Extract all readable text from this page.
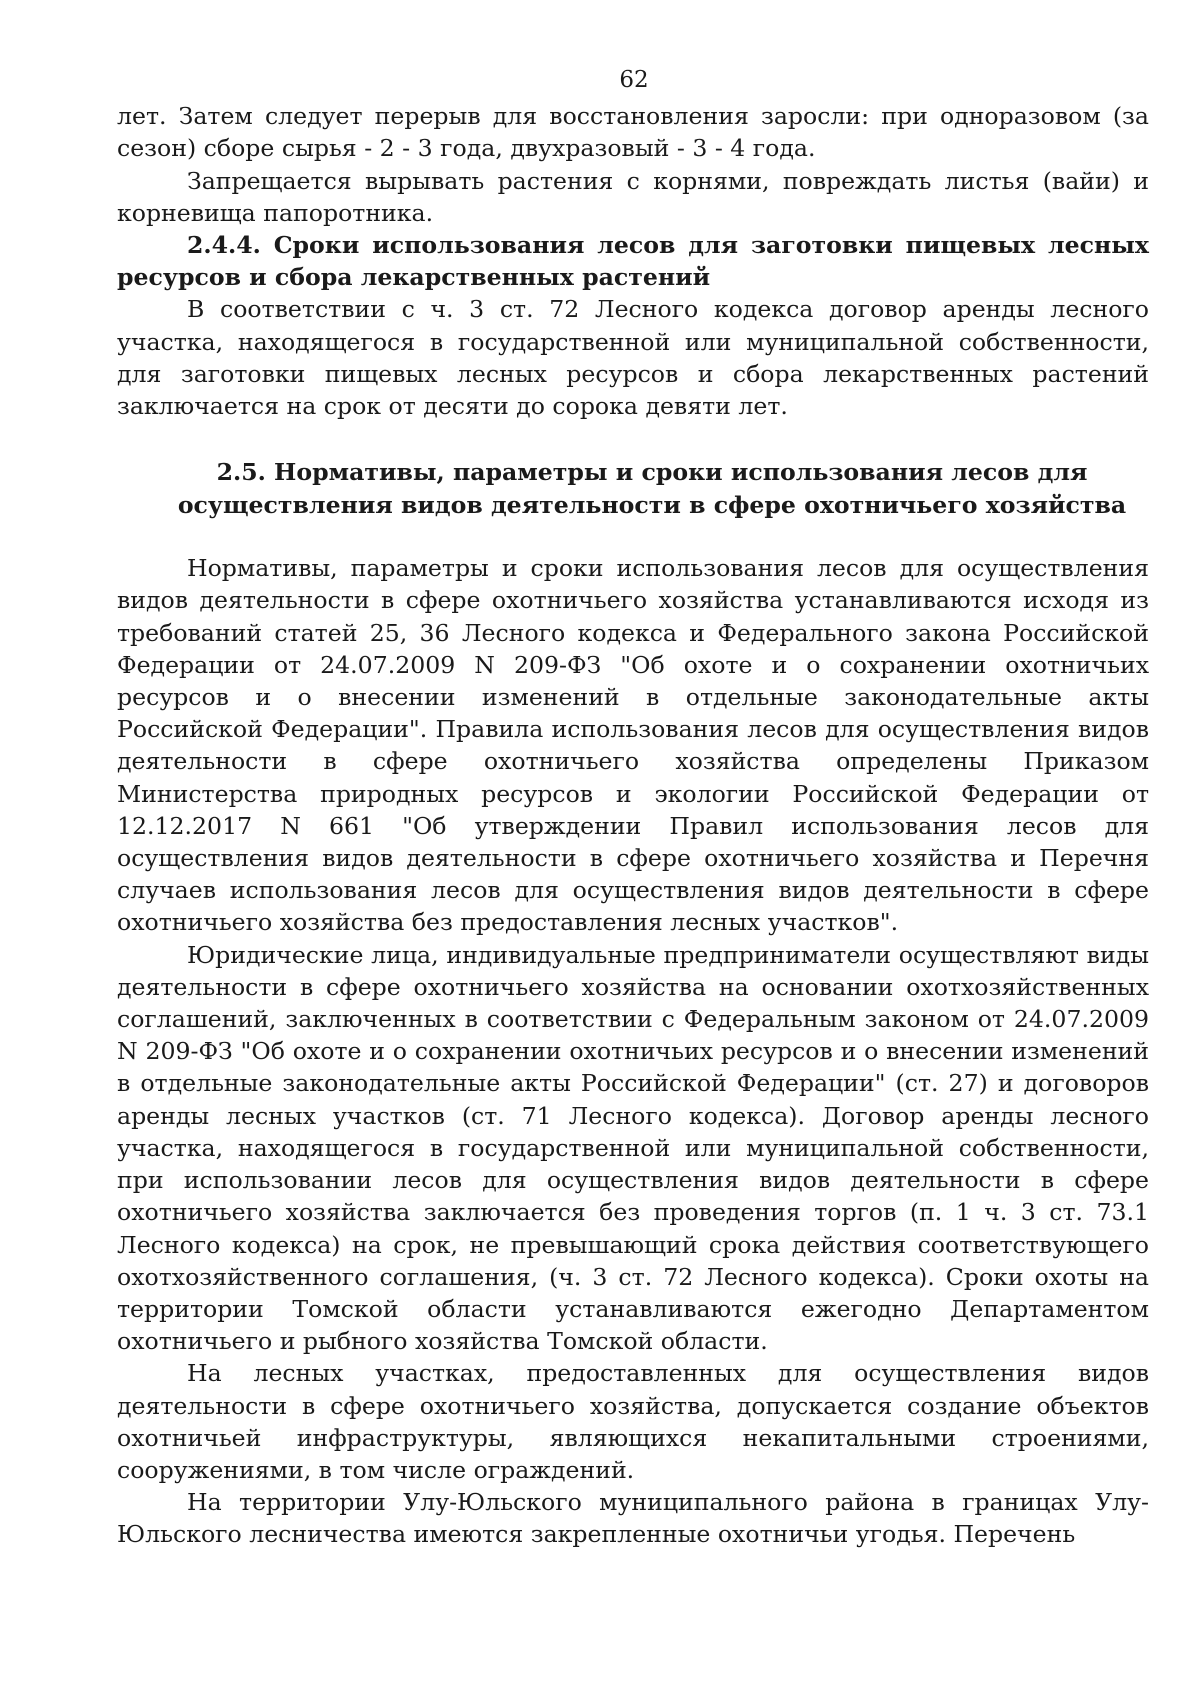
62

лет. Затем следует перерыв для восстановления заросли: при одноразовом (за сезон) сборе сырья - 2 - 3 года, двухразовый - 3 - 4 года.

Запрещается вырывать растения с корнями, повреждать листья (вайи) и корневища папоротника.

2.4.4. Сроки использования лесов для заготовки пищевых лесных ресурсов и сбора лекарственных растений

В соответствии с ч. 3 ст. 72 Лесного кодекса договор аренды лесного участка, находящегося в государственной или муниципальной собственности, для заготовки пищевых лесных ресурсов и сбора лекарственных растений заключается на срок от десяти до сорока девяти лет.

2.5. Нормативы, параметры и сроки использования лесов для
осуществления видов деятельности в сфере охотничьего хозяйства

Нормативы, параметры и сроки использования лесов для осуществления видов деятельности в сфере охотничьего хозяйства устанавливаются исходя из требований статей 25, 36 Лесного кодекса и Федерального закона Российской Федерации от 24.07.2009 N 209-ФЗ "Об охоте и о сохранении охотничьих ресурсов и о внесении изменений в отдельные законодательные акты Российской Федерации". Правила использования лесов для осуществления видов деятельности в сфере охотничьего хозяйства определены Приказом Министерства природных ресурсов и экологии Российской Федерации от 12.12.2017 N 661 "Об утверждении Правил использования лесов для осуществления видов деятельности в сфере охотничьего хозяйства и Перечня случаев использования лесов для осуществления видов деятельности в сфере охотничьего хозяйства без предоставления лесных участков".

Юридические лица, индивидуальные предприниматели осуществляют виды деятельности в сфере охотничьего хозяйства на основании охотхозяйственных соглашений, заключенных в соответствии с Федеральным законом от 24.07.2009 N 209-ФЗ "Об охоте и о сохранении охотничьих ресурсов и о внесении изменений в отдельные законодательные акты Российской Федерации" (ст. 27) и договоров аренды лесных участков (ст. 71 Лесного кодекса). Договор аренды лесного участка, находящегося в государственной или муниципальной собственности, при использовании лесов для осуществления видов деятельности в сфере охотничьего хозяйства заключается без проведения торгов (п. 1 ч. 3 ст. 73.1 Лесного кодекса) на срок, не превышающий срока действия соответствующего охотхозяйственного соглашения, (ч. 3 ст. 72 Лесного кодекса). Сроки охоты на территории Томской области устанавливаются ежегодно Департаментом охотничьего и рыбного хозяйства Томской области.

На лесных участках, предоставленных для осуществления видов деятельности в сфере охотничьего хозяйства, допускается создание объектов охотничьей инфраструктуры, являющихся некапитальными строениями, сооружениями, в том числе ограждений.

На территории Улу-Юльского муниципального района в границах Улу-Юльского лесничества имеются закрепленные охотничьи угодья. Перечень
